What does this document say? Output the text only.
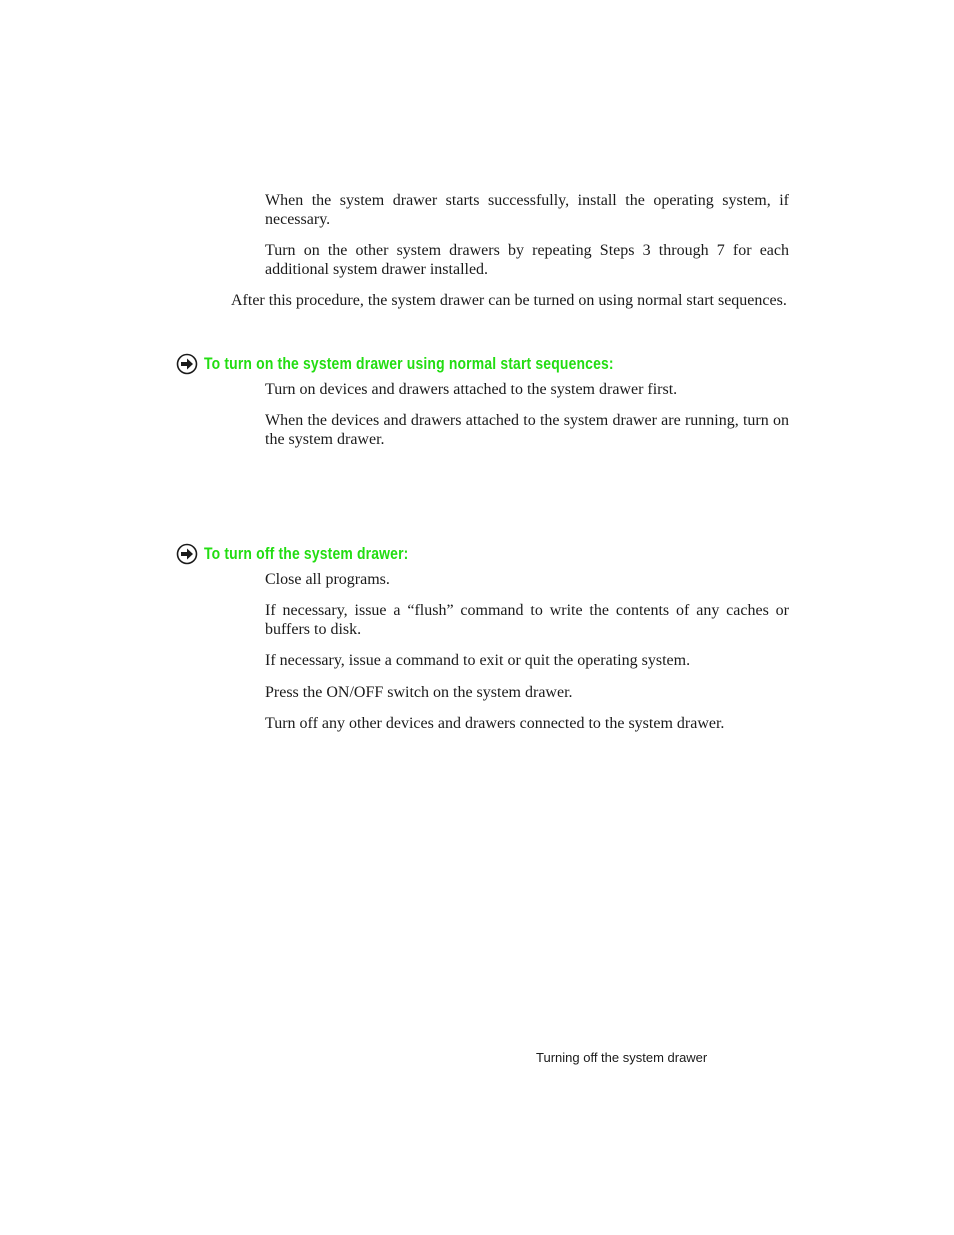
When the system drawer starts successfully, install the operating system, if necessary.

Turn on the other system drawers by repeating Steps 3 through 7 for each additional system drawer installed.

After this procedure, the system drawer can be turned on using normal start sequences.

To turn on the system drawer using normal start sequences:

Turn on devices and drawers attached to the system drawer first.

When the devices and drawers attached to the system drawer are running, turn on the system drawer.

To turn off the system drawer:

Close all programs.

If necessary, issue a “flush” command to write the contents of any caches or buffers to disk.

If necessary, issue a command to exit or quit the operating system.

Press the ON/OFF switch on the system drawer.

Turn off any other devices and drawers connected to the system drawer.

Turning off the system drawer
